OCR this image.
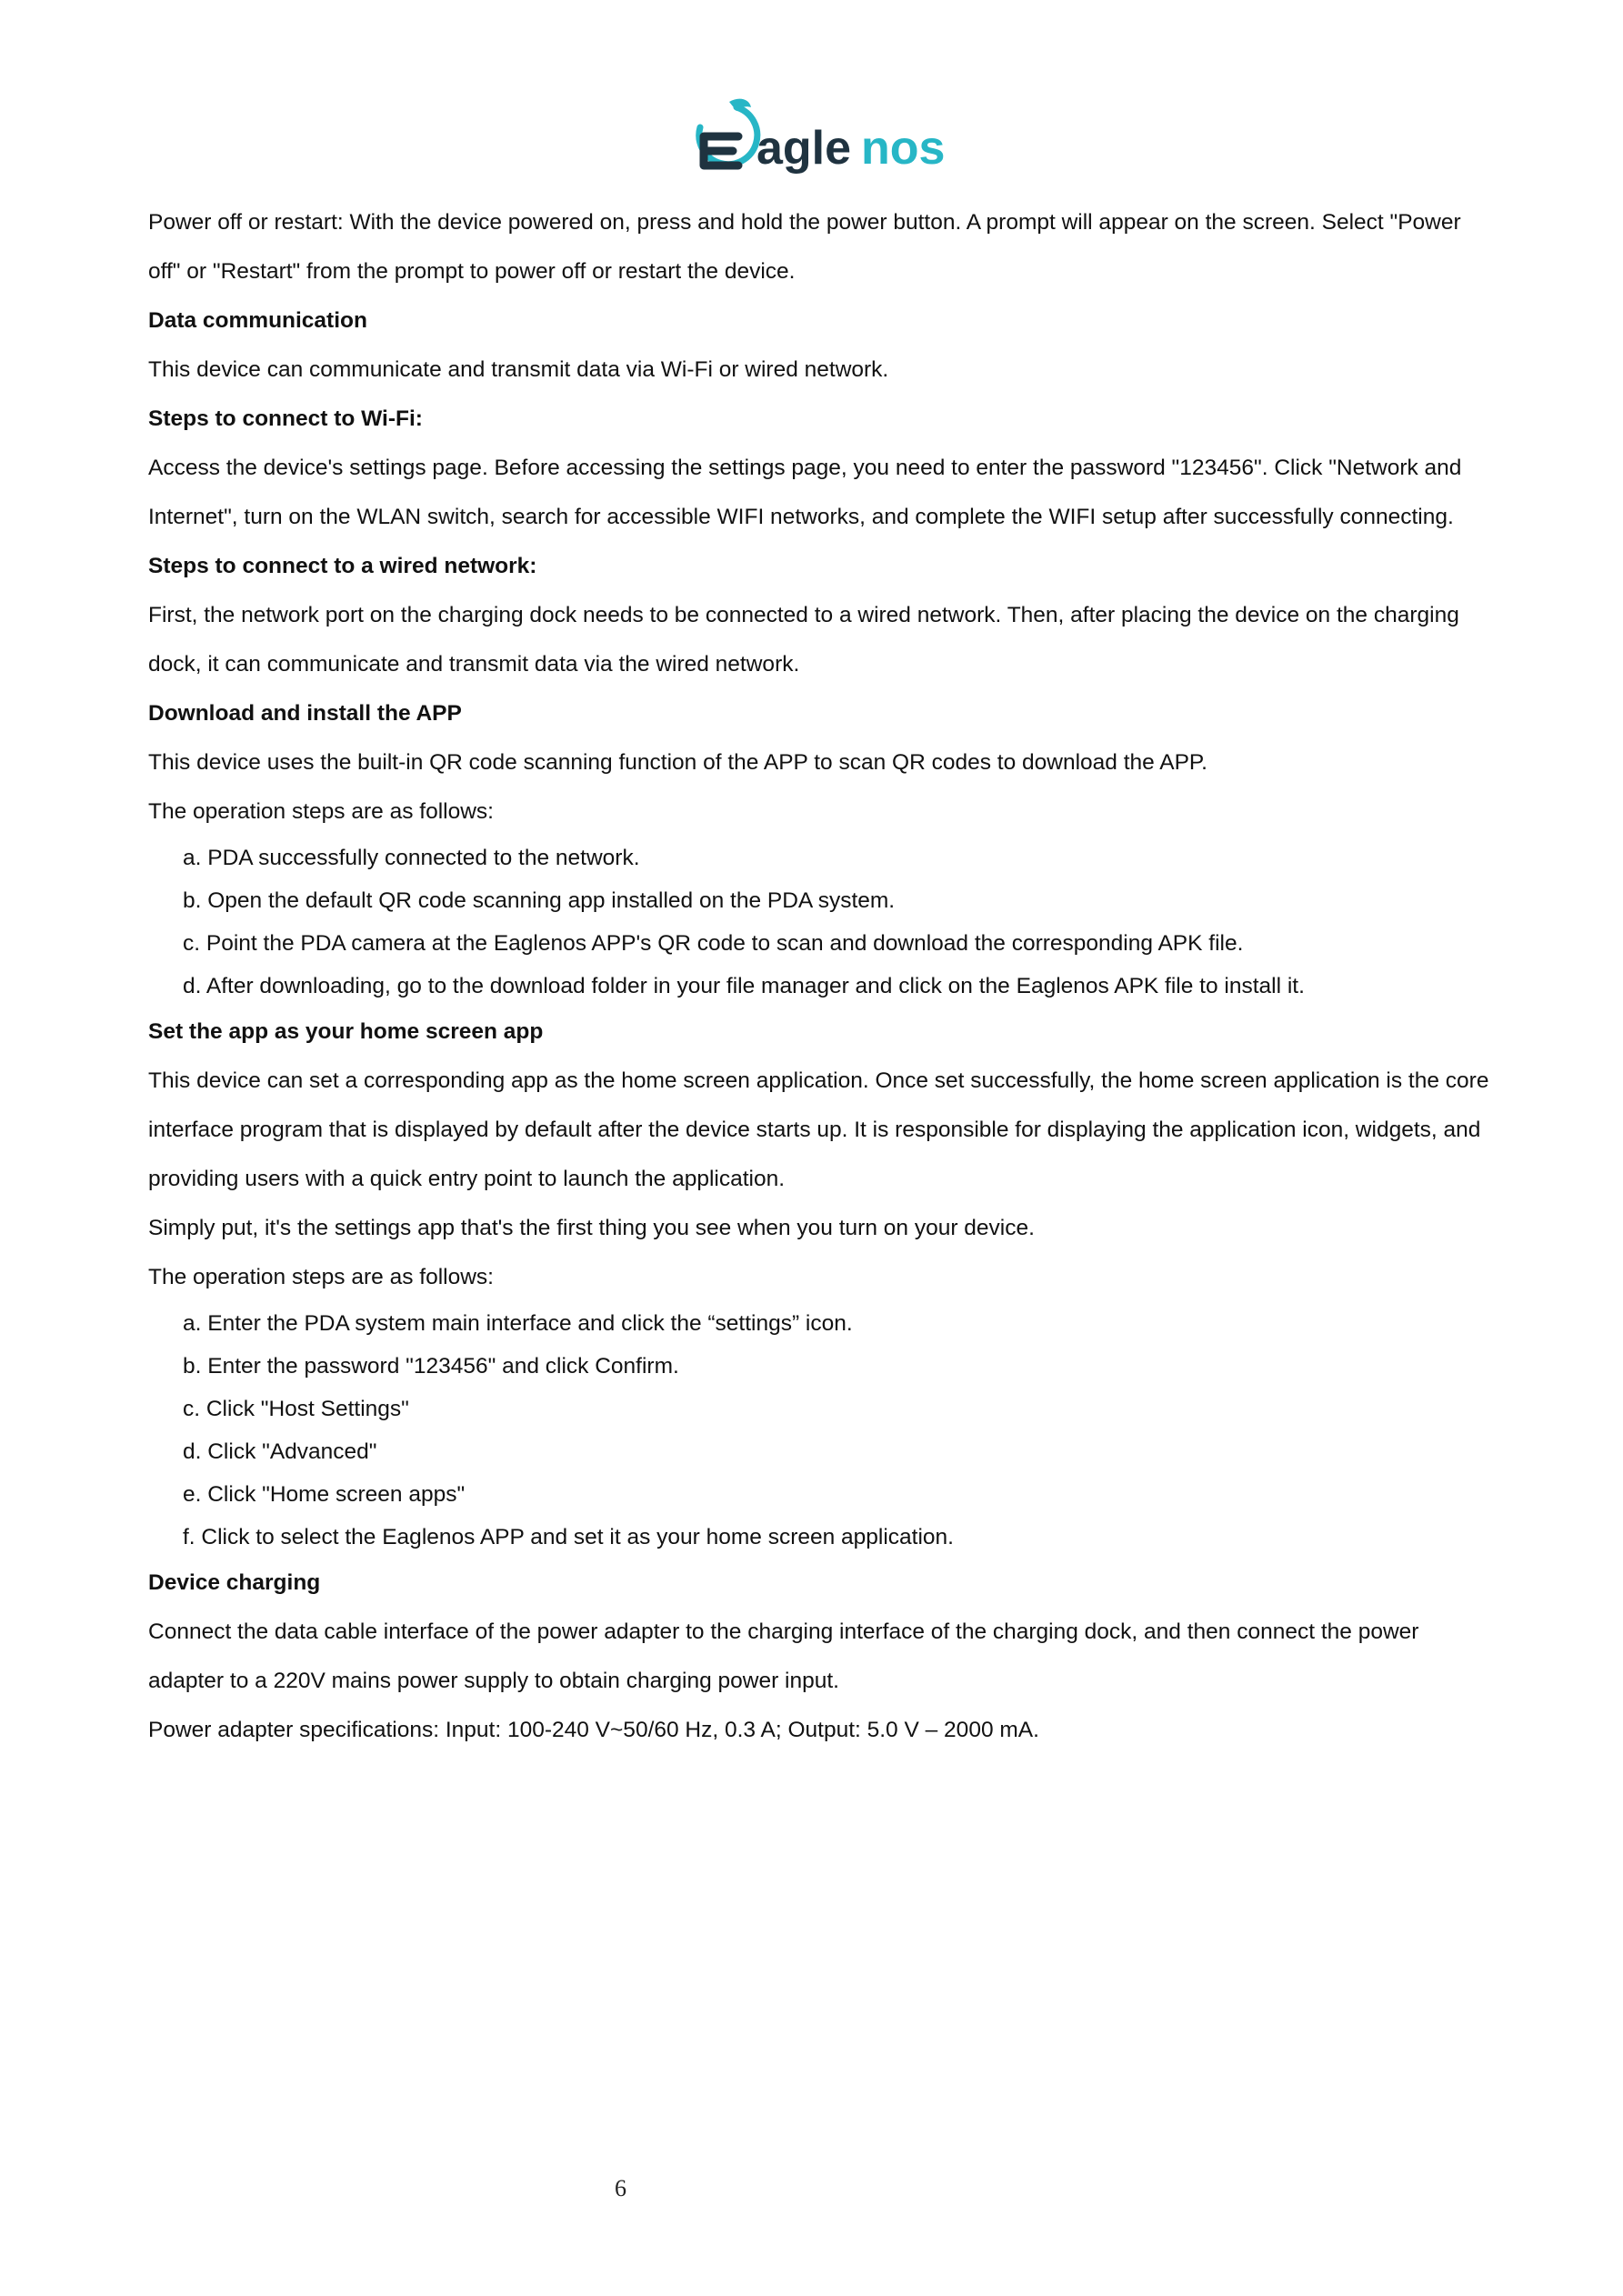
agle nos

Power off or restart: With the device powered on, press and hold the power button. A prompt will appear on the screen. Select "Power off" or "Restart" from the prompt to power off or restart the device.

Data communication

This device can communicate and transmit data via Wi-Fi or wired network.

Steps to connect to Wi-Fi:

Access the device's settings page. Before accessing the settings page, you need to enter the password "123456". Click "Network and Internet", turn on the WLAN switch, search for accessible WIFI networks, and complete the WIFI setup after successfully connecting.

Steps to connect to a wired network:

First, the network port on the charging dock needs to be connected to a wired network. Then, after placing the device on the charging dock, it can communicate and transmit data via the wired network.

Download and install the APP

This device uses the built-in QR code scanning function of the APP to scan QR codes to download the APP.

The operation steps are as follows:

a. PDA successfully connected to the network.

b. Open the default QR code scanning app installed on the PDA system.

c. Point the PDA camera at the Eaglenos APP's QR code to scan and download the corresponding APK file.

d. After downloading, go to the download folder in your file manager and click on the Eaglenos APK file to install it.

Set the app as your home screen app

This device can set a corresponding app as the home screen application. Once set successfully, the home screen application is the core interface program that is displayed by default after the device starts up. It is responsible for displaying the application icon, widgets, and providing users with a quick entry point to launch the application.

Simply put, it's the settings app that's the first thing you see when you turn on your device.

The operation steps are as follows:

a. Enter the PDA system main interface and click the “settings” icon.

b. Enter the password "123456" and click Confirm.

c. Click "Host Settings"

d. Click "Advanced"

e. Click "Home screen apps"

f. Click to select the Eaglenos APP and set it as your home screen application.

Device charging

Connect the data cable interface of the power adapter to the charging interface of the charging dock, and then connect the power adapter to a 220V mains power supply to obtain charging power input.

Power adapter specifications: Input: 100-240 V~50/60 Hz, 0.3 A; Output: 5.0 V – 2000 mA.

6
